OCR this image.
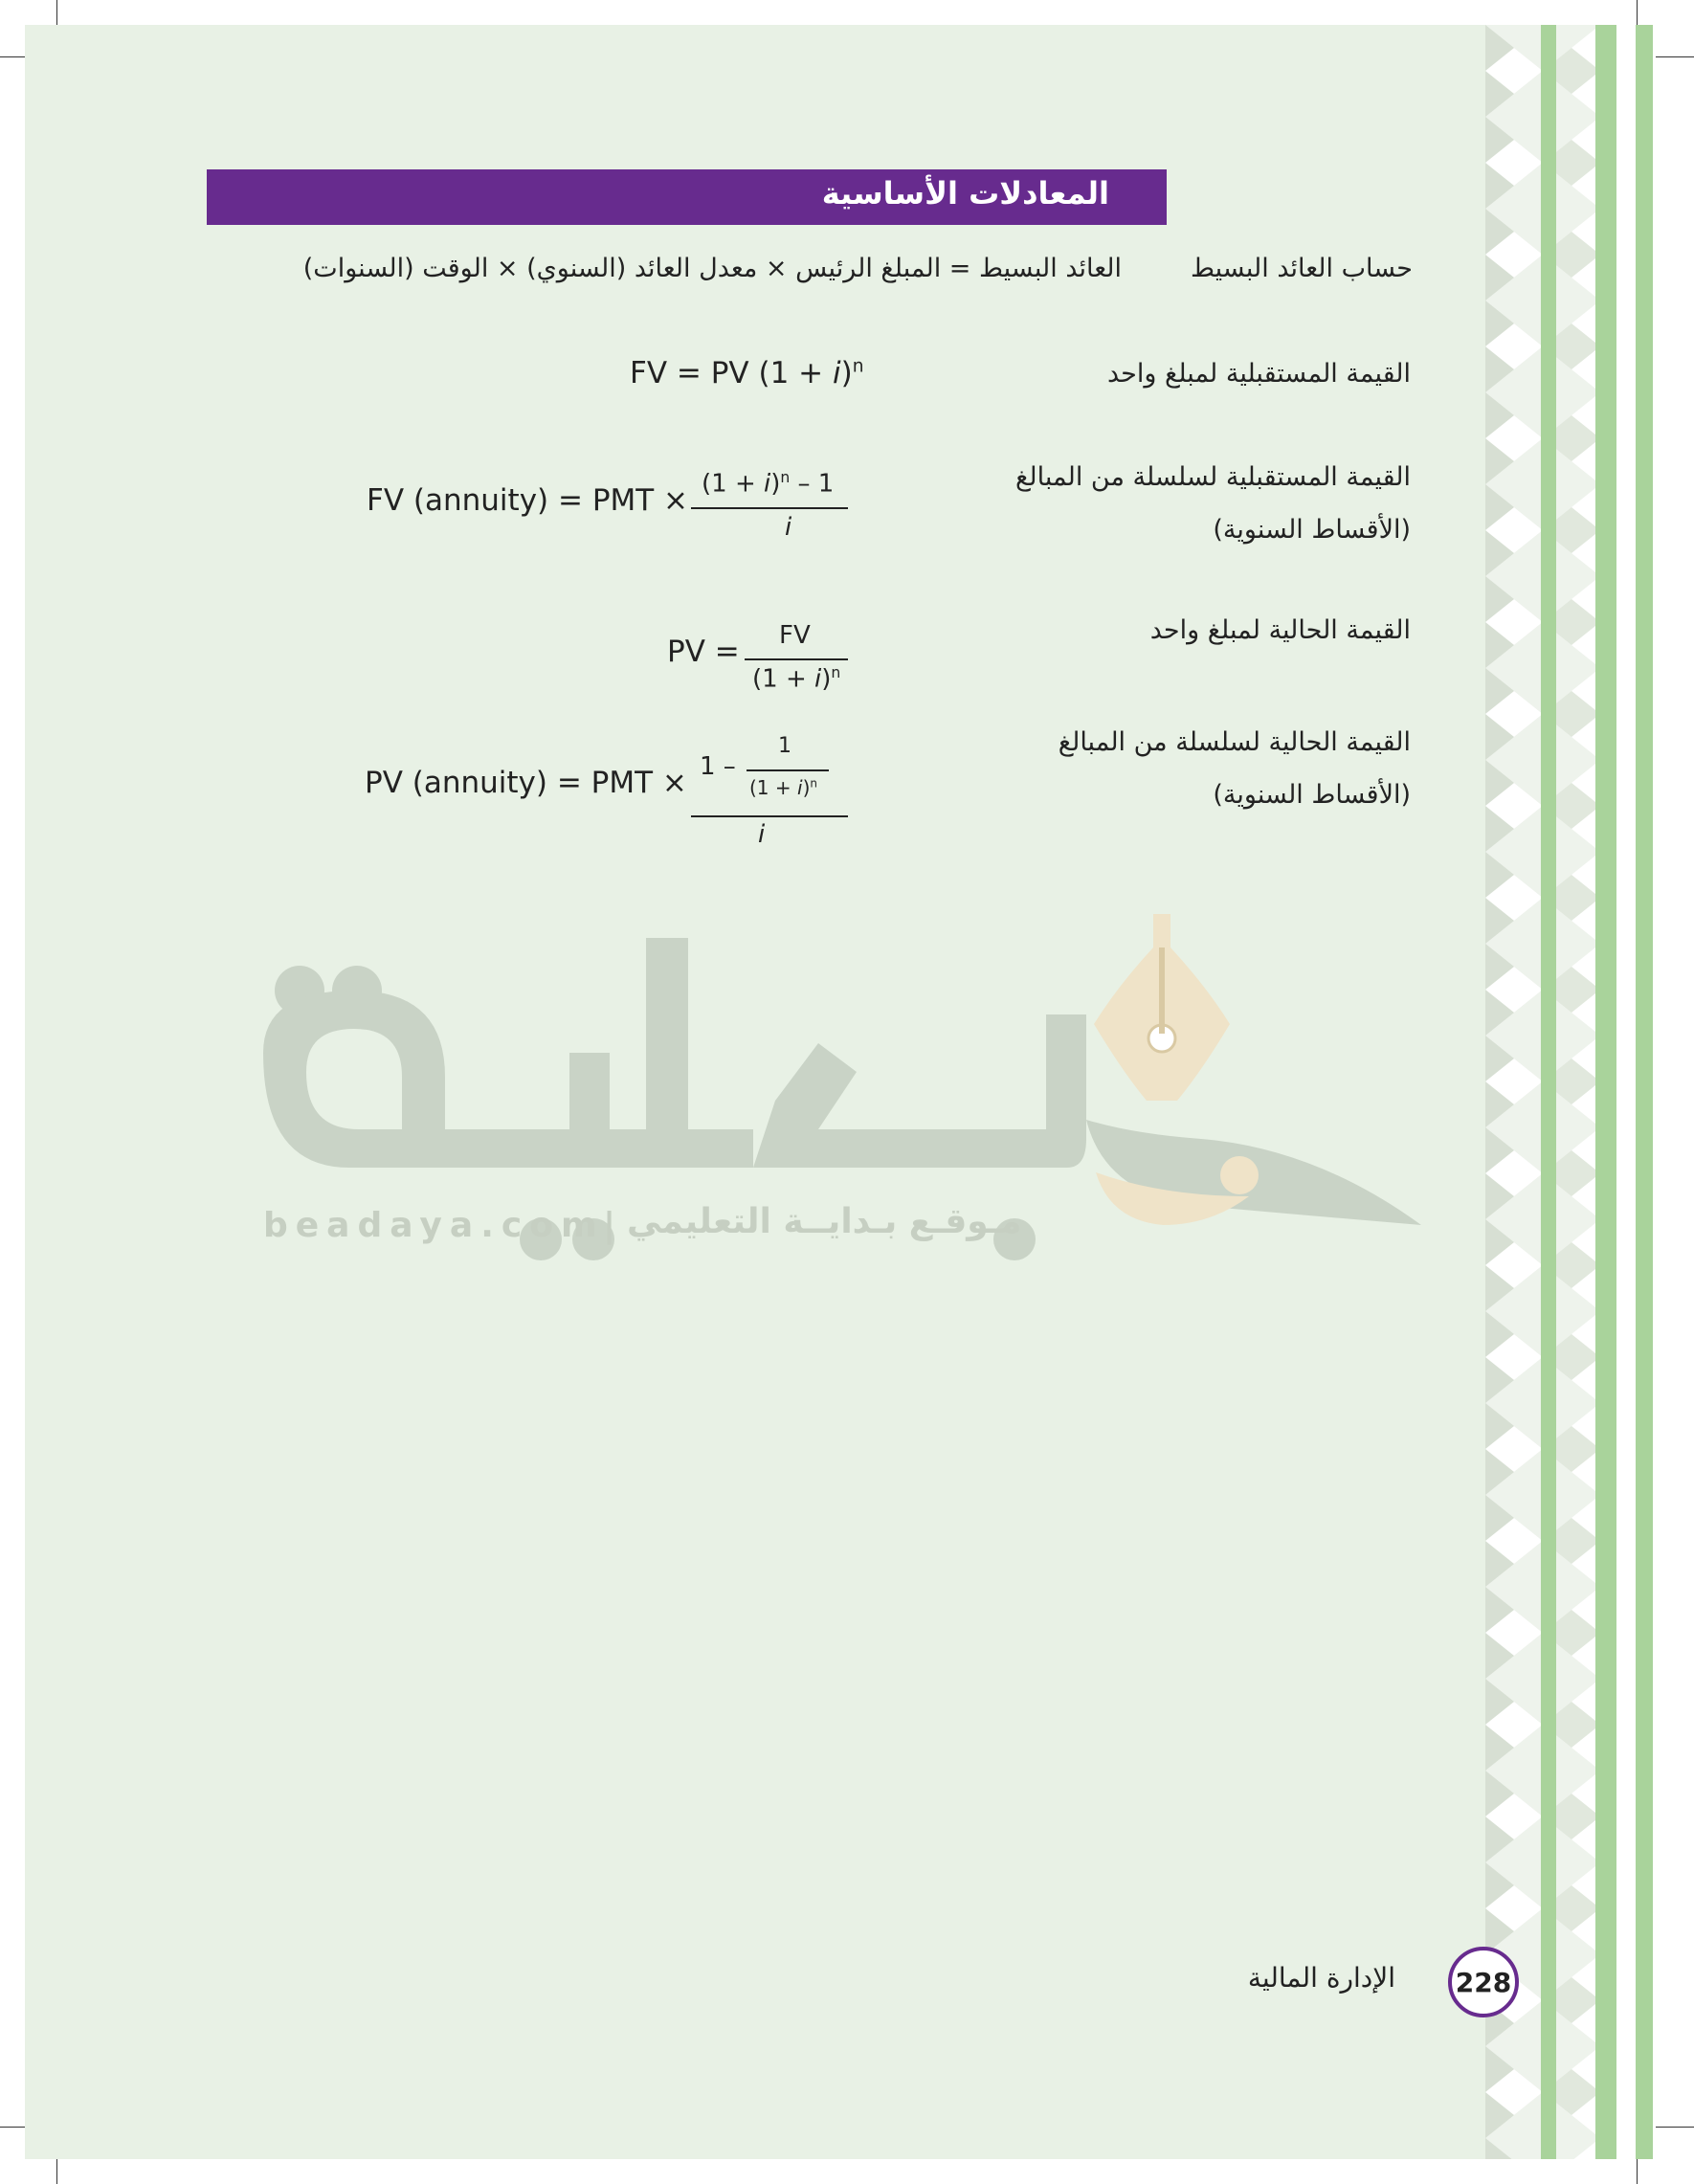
المعادلات الأساسية
حساب العائد البسيط
العائد البسيط = المبلغ الرئيس × معدل العائد (السنوي) × الوقت (السنوات)
القيمة المستقبلية لمبلغ واحد
القيمة المستقبلية لسلسلة من المبالغ
(الأقساط السنوية)
القيمة الحالية لمبلغ واحد
القيمة الحالية لسلسلة من المبالغ
(الأقساط السنوية)
FV = PV $(1 + i)^n$
FV (annuity) = PMT × $(1 + i)^n - 1$
i
PV = FV
$(1 + i)^n$
PV (annuity) = PMT × 1 –
1
$(1 + i)^n$
i
beadaya.com
| مـوقـع بـدايــة التعليمي
الإدارة المالية 228
